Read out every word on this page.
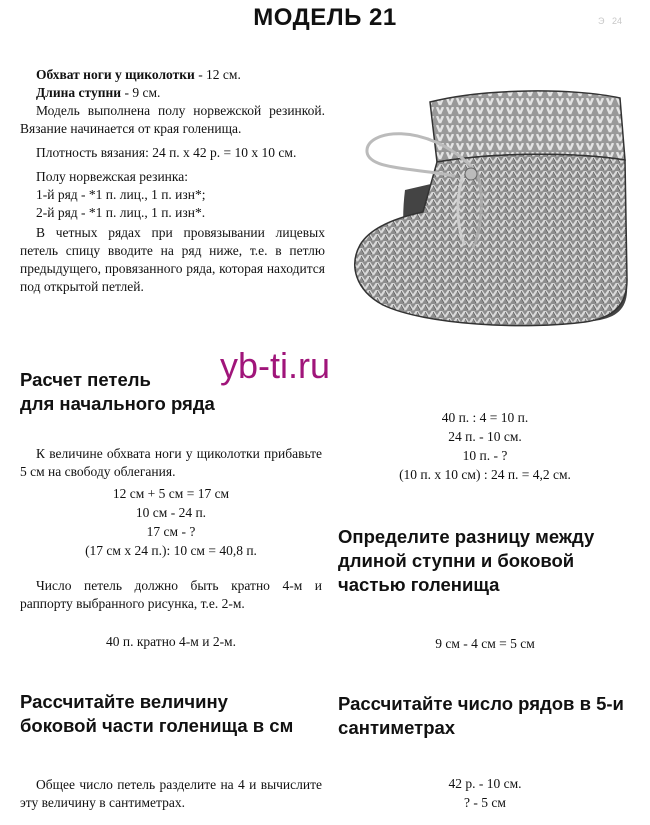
МОДЕЛЬ 21	Э 24
Обхват ноги у щиколотки - 12 см.
Длина ступни - 9 см.
Модель выполнена полу норвежской резинкой. Вязание начинается от края голенища.
Плотность вязания: 24 п. х 42 р. = 10 х 10 см.
Полу норвежская резинка:
1-й ряд - *1 п. лиц., 1 п. изн*;
2-й ряд - *1 п. лиц., 1 п. изн*.
В четных рядах при провязывании лицевых петель спицу вводите на ряд ниже, т.е. в петлю предыдущего, провязанного ряда, которая находится под открытой петлей.
yb-ti.ru
Расчет петель
для начального ряда
К величине обхвата ноги у щиколотки прибавьте 5 см на свободу облегания.
12 см + 5 см = 17 см
10 см - 24 п.
17 см - ?
(17 см х 24 п.): 10 см = 40,8 п.
Число петель должно быть кратно 4-м и раппорту выбранного рисунка, т.е. 2-м.
40 п. кратно 4-м и 2-м.
Рассчитайте величину
боковой части голенища в см
Общее число петель разделите на 4 и вычислите эту величину в сантиметрах.
40 п. : 4 = 10 п.
24 п. - 10 см.
10 п. - ?
(10 п. х 10 см) : 24 п. = 4,2 см.
Определите разницу между
длиной ступни и боковой
частью голенища
9 см - 4 см = 5 см
Рассчитайте число рядов в 5-и
сантиметрах
42 р. - 10 см.
? - 5 см
